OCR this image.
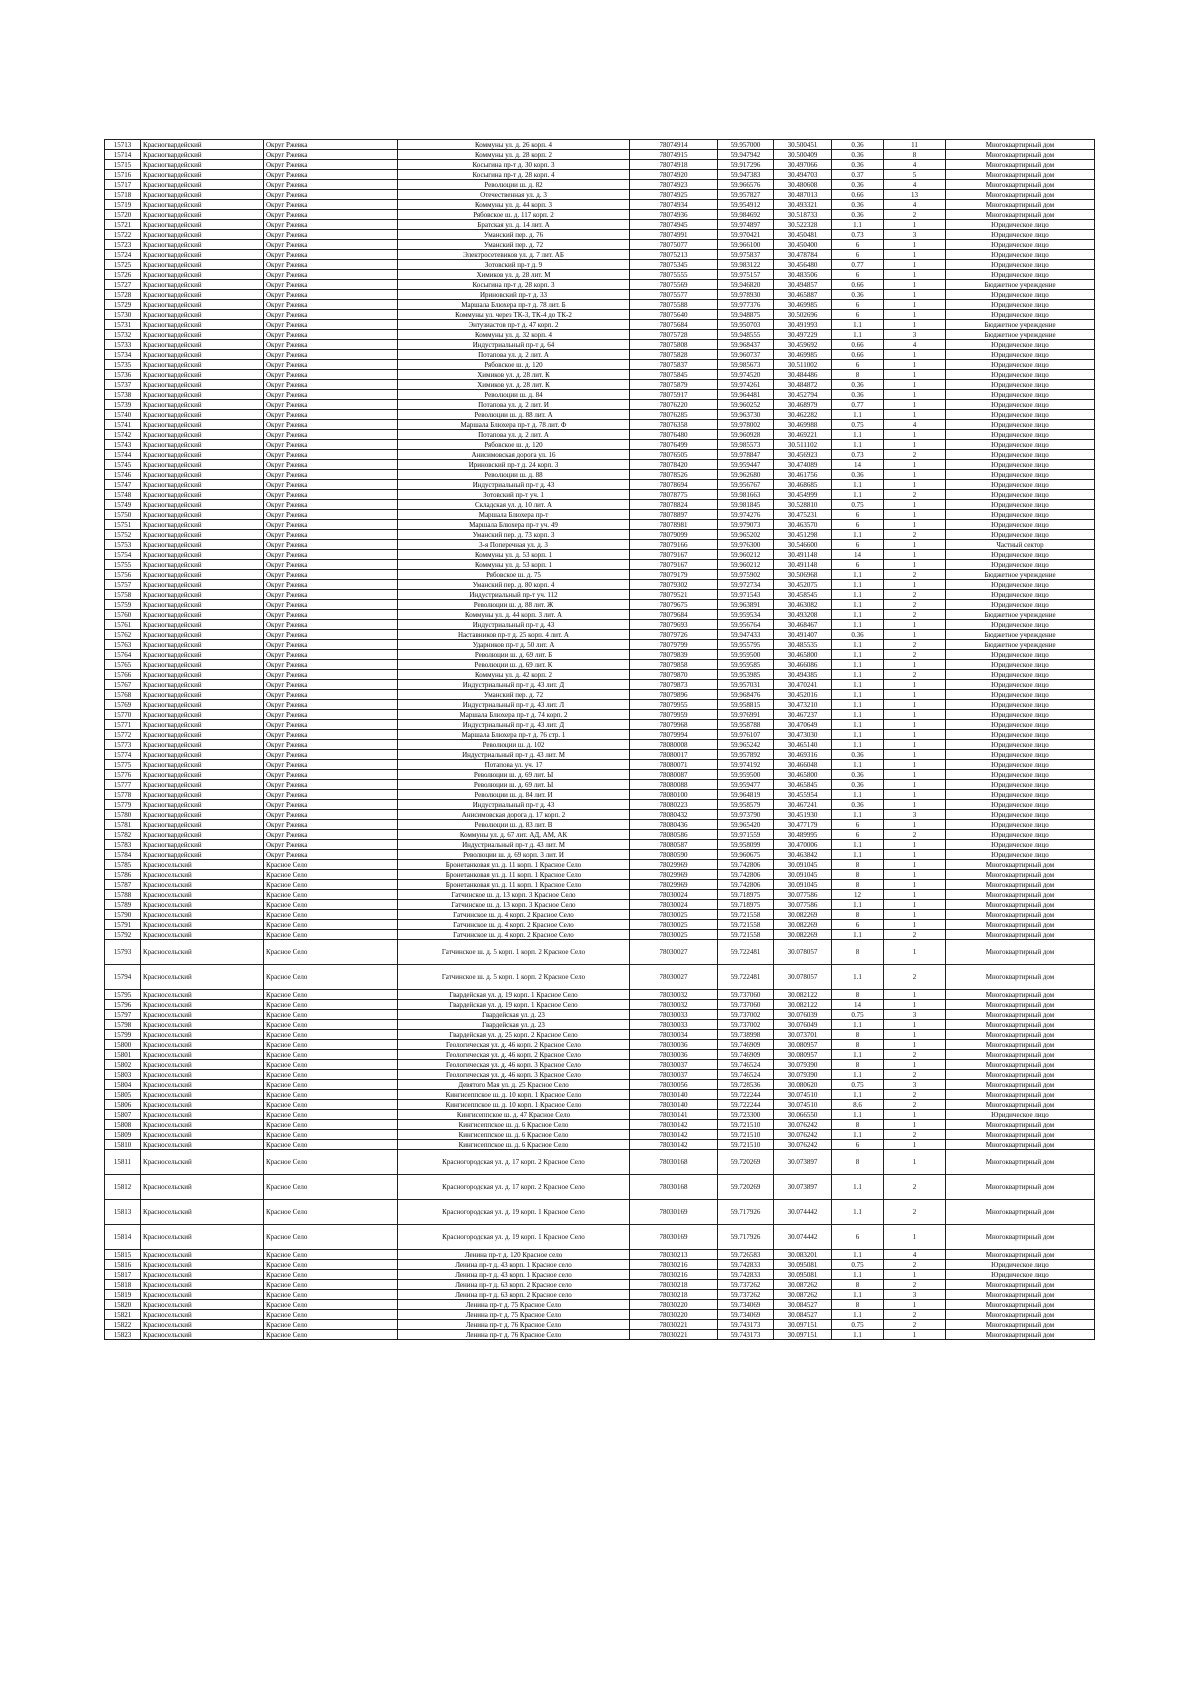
15713	Красногвардейский	Округ Ржевка	Коммуны ул. д. 26 корп. 4	78074914	59.957000	30.500451	0.36	11	Многоквартирный дом
15714	Красногвардейский	Округ Ржевка	Коммуны ул. д. 28 корп. 2	78074915	59.947942	30.500409	0.36	8	Многоквартирный дом
15715	Красногвардейский	Округ Ржевка	Косыгина пр-т д. 30 корп. 3	78074918	59.917296	30.497066	0.36	4	Многоквартирный дом
15716	Красногвардейский	Округ Ржевка	Косыгина пр-т д. 28 корп. 4	78074920	59.947383	30.494703	0.37	5	Многоквартирный дом
15717	Красногвардейский	Округ Ржевка	Революции ш. д. 82	78074923	59.966576	30.480608	0.36	4	Многоквартирный дом
15718	Красногвардейский	Округ Ржевка	Отечественная ул. д. 3	78074925	59.957827	30.487013	0.66	13	Многоквартирный дом
15719	Красногвардейский	Округ Ржевка	Коммуны ул. д. 44 корп. 3	78074934	59.954912	30.493321	0.36	4	Многоквартирный дом
15720	Красногвардейский	Округ Ржевка	Рябовское ш. д. 117 корп. 2	78074936	59.984692	30.518733	0.36	2	Многоквартирный дом
15721	Красногвардейский	Округ Ржевка	Братская ул. д. 14 лит. А	78074945	59.974897	30.522328	1.1	1	Юридическое лицо
15722	Красногвардейский	Округ Ржевка	Уманский пер. д. 76	78074991	59.970421	30.450481	0.73	3	Юридическое лицо
15723	Красногвардейский	Округ Ржевка	Уманский пер. д. 72	78075077	59.966100	30.450400	6	1	Юридическое лицо
15724	Красногвардейский	Округ Ржевка	Электросетевиков ул. д. 7 лит. АБ	78075213	59.975837	30.478784	6	1	Юридическое лицо
15725	Красногвардейский	Округ Ржевка	Зотовский пр-т д. 9	78075345	59.983122	30.456480	0.77	1	Юридическое лицо
15726	Красногвардейский	Округ Ржевка	Химиков ул. д. 28 лит. М	78075555	59.975157	30.483506	6	1	Юридическое лицо
15727	Красногвардейский	Округ Ржевка	Косыгина пр-т д. 28 корп. 3	78075569	59.946820	30.494857	0.66	1	Бюджетное учреждение
15728	Красногвардейский	Округ Ржевка	Ириновский пр-т д. 33	78075577	59.978930	30.465887	0.36	1	Юридическое лицо
15729	Красногвардейский	Округ Ржевка	Маршала Блюхера пр-т д. 78 лит. Б	78075588	59.977376	30.469985	6	1	Юридическое лицо
15730	Красногвардейский	Округ Ржевка	Коммуны ул. через ТК-3, ТК-4 до ТК-2	78075640	59.948875	30.502696	6	1	Юридическое лицо
15731	Красногвардейский	Округ Ржевка	Энтузиастов пр-т д. 47 корп. 2	78075684	59.950703	30.491993	1.1	1	Бюджетное учреждение
15732	Красногвардейский	Округ Ржевка	Коммуны ул. д. 32 корп. 4	78075728	59.948555	30.497229	1.1	3	Бюджетное учреждение
15733	Красногвардейский	Округ Ржевка	Индустриальный пр-т д. 64	78075808	59.968437	30.459692	0.66	4	Юридическое лицо
15734	Красногвардейский	Округ Ржевка	Потапова ул. д. 2 лит. А	78075828	59.960737	30.469985	0.66	1	Юридическое лицо
15735	Красногвардейский	Округ Ржевка	Рябовское ш. д. 120	78075837	59.985673	30.511002	6	1	Юридическое лицо
15736	Красногвардейский	Округ Ржевка	Химиков ул. д. 28 лит. К	78075845	59.974520	30.484486	8	1	Юридическое лицо
15737	Красногвардейский	Округ Ржевка	Химиков ул. д. 28 лит. К	78075879	59.974261	30.484872	0.36	1	Юридическое лицо
15738	Красногвардейский	Округ Ржевка	Революции ш. д. 84	78075917	59.964481	30.452794	0.36	1	Юридическое лицо
15739	Красногвардейский	Округ Ржевка	Потапова ул. д. 2 лит. И	78076220	59.960252	30.468979	0.77	1	Юридическое лицо
15740	Красногвардейский	Округ Ржевка	Революции ш. д. 88 лит. А	78076285	59.963730	30.462282	1.1	1	Юридическое лицо
15741	Красногвардейский	Округ Ржевка	Маршала Блюхера пр-т д. 78 лит. Ф	78076358	59.978002	30.469988	0.75	4	Юридическое лицо
15742	Красногвардейский	Округ Ржевка	Потапова ул. д. 2 лит. А	78076480	59.960928	30.469221	1.1	1	Юридическое лицо
15743	Красногвардейский	Округ Ржевка	Рябовское ш. д. 120	78076499	59.985573	30.511102	1.1	1	Юридическое лицо
15744	Красногвардейский	Округ Ржевка	Анисимовская дорога ул. 16	78076505	59.978847	30.456923	0.73	2	Юридическое лицо
15745	Красногвардейский	Округ Ржевка	Ириновский пр-т д. 24 корп. 3	78078420	59.959447	30.474089	14	1	Юридическое лицо
15746	Красногвардейский	Округ Ржевка	Революции ш. д. 88	78078526	59.962680	30.461756	0.36	1	Юридическое лицо
15747	Красногвардейский	Округ Ржевка	Индустриальный пр-т д. 43	78078694	59.956767	30.468685	1.1	1	Юридическое лицо
15748	Красногвардейский	Округ Ржевка	Зотовский пр-т уч. 1	78078775	59.981663	30.454999	1.1	2	Юридическое лицо
15749	Красногвардейский	Округ Ржевка	Складская ул. д. 10 лит. А	78078824	59.981845	30.528810	0.75	1	Юридическое лицо
15750	Красногвардейский	Округ Ржевка	Маршала Блюхера пр-т	78078897	59.974276	30.475231	6	1	Юридическое лицо
15751	Красногвардейский	Округ Ржевка	Маршала Блюхера пр-т уч. 49	78078981	59.979073	30.463570	6	1	Юридическое лицо
15752	Красногвардейский	Округ Ржевка	Уманский пер. д. 73 корп. 3	78079099	59.965202	30.451298	1.1	2	Юридическое лицо
15753	Красногвардейский	Округ Ржевка	3-я Поперечная ул. д. 3	78079166	59.976300	30.546600	6	1	Частный сектор
15754	Красногвардейский	Округ Ржевка	Коммуны ул. д. 53 корп. 1	78079167	59.960212	30.491148	14	1	Юридическое лицо
15755	Красногвардейский	Округ Ржевка	Коммуны ул. д. 53 корп. 1	78079167	59.960212	30.491148	6	1	Юридическое лицо
15756	Красногвардейский	Округ Ржевка	Рябовское ш. д. 75	78079179	59.975902	30.506968	1.1	2	Бюджетное учреждение
15757	Красногвардейский	Округ Ржевка	Уманский пер. д. 80 корп. 4	78079302	59.972734	30.452075	1.1	1	Юридическое лицо
15758	Красногвардейский	Округ Ржевка	Индустриальный пр-т уч. 112	78079521	59.971543	30.458545	1.1	2	Юридическое лицо
15759	Красногвардейский	Округ Ржевка	Революции ш. д. 88 лит. Ж	78079675	59.963891	30.463082	1.1	2	Юридическое лицо
15760	Красногвардейский	Округ Ржевка	Коммуны ул. д. 44 корп. 3 лит. А	78079684	59.959534	30.493208	1.1	2	Бюджетное учреждение
15761	Красногвардейский	Округ Ржевка	Индустриальный пр-т д. 43	78079693	59.956764	30.468467	1.1	1	Юридическое лицо
15762	Красногвардейский	Округ Ржевка	Наставников пр-т д. 25 корп. 4 лит. А	78079726	59.947433	30.491407	0.36	1	Бюджетное учреждение
15763	Красногвардейский	Округ Ржевка	Ударников пр-т д. 50 лит. А	78079799	59.955795	30.485535	1.1	2	Бюджетное учреждение
15764	Красногвардейский	Округ Ржевка	Революции ш. д. 69 лит. Б	78079839	59.959500	30.465800	1.1	2	Юридическое лицо
15765	Красногвардейский	Округ Ржевка	Революции ш. д. 69 лит. К	78079858	59.959585	30.466086	1.1	1	Юридическое лицо
15766	Красногвардейский	Округ Ржевка	Коммуны ул. д. 42 корп. 2	78079870	59.953985	30.494385	1.1	2	Юридическое лицо
15767	Красногвардейский	Округ Ржевка	Индустриальный пр-т д. 43 лит. Д	78079873	59.957031	30.470241	1.1	1	Юридическое лицо
15768	Красногвардейский	Округ Ржевка	Уманский пер. д. 72	78079896	59.968476	30.452016	1.1	1	Юридическое лицо
15769	Красногвардейский	Округ Ржевка	Индустриальный пр-т д. 43 лит. Л	78079955	59.958815	30.473210	1.1	1	Юридическое лицо
15770	Красногвардейский	Округ Ржевка	Маршала Блюхера пр-т д. 74 корп. 2	78079959	59.976991	30.467237	1.1	1	Юридическое лицо
15771	Красногвардейский	Округ Ржевка	Индустриальный пр-т д. 43 лит. Д	78079968	59.958788	30.470649	1.1	1	Юридическое лицо
15772	Красногвардейский	Округ Ржевка	Маршала Блюхера пр-т д. 76 стр. 1	78079994	59.976107	30.473030	1.1	1	Юридическое лицо
15773	Красногвардейский	Округ Ржевка	Революции ш. д. 102	78080008	59.965242	30.465140	1.1	1	Юридическое лицо
15774	Красногвардейский	Округ Ржевка	Индустриальный пр-т д. 43 лит. М	78080017	59.957892	30.469316	0.36	1	Юридическое лицо
15775	Красногвардейский	Округ Ржевка	Потапова ул. уч. 17	78080071	59.974192	30.466048	1.1	1	Юридическое лицо
15776	Красногвардейский	Округ Ржевка	Революции ш. д. 69 лит. Ы	78080087	59.959500	30.465800	0.36	1	Юридическое лицо
15777	Красногвардейский	Округ Ржевка	Революции ш. д. 69 лит. Ы	78080088	59.959477	30.465845	0.36	1	Юридическое лицо
15778	Красногвардейский	Округ Ржевка	Революции ш. д. 84 лит. И	78080100	59.964819	30.455954	1.1	1	Юридическое лицо
15779	Красногвардейский	Округ Ржевка	Индустриальный пр-т д. 43	78080223	59.958579	30.467241	0.36	1	Юридическое лицо
15780	Красногвардейский	Округ Ржевка	Анисимовская дорога д. 17 корп. 2	78080432	59.973790	30.451930	1.1	3	Юридическое лицо
15781	Красногвардейский	Округ Ржевка	Революции ш. д. 83 лит. В	78080436	59.965420	30.477179	6	1	Юридическое лицо
15782	Красногвардейский	Округ Ржевка	Коммуны ул. д. 67 лит. АД, АМ, АК	78080586	59.971559	30.489995	6	2	Юридическое лицо
15783	Красногвардейский	Округ Ржевка	Индустриальный пр-т д. 43 лит. М	78080587	59.958099	30.470006	1.1	1	Юридическое лицо
15784	Красногвардейский	Округ Ржевка	Революции ш. д. 69 корп. 3 лит. И	78080590	59.960675	30.463842	1.1	1	Юридическое лицо
15785	Красносельский	Красное Село	Бронетанковая ул. д. 11 корп. 1 Красное Село	78029969	59.742806	30.091045	8	1	Многоквартирный дом
15786	Красносельский	Красное Село	Бронетанковая ул. д. 11 корп. 1 Красное Село	78029969	59.742806	30.091045	8	1	Многоквартирный дом
15787	Красносельский	Красное Село	Бронетанковая ул. д. 11 корп. 1 Красное Село	78029969	59.742806	30.091045	8	1	Многоквартирный дом
15788	Красносельский	Красное Село	Гатчинское ш. д. 13 корп. 3 Красное Село	78030024	59.718975	30.077586	12	1	Многоквартирный дом
15789	Красносельский	Красное Село	Гатчинское ш. д. 13 корп. 3 Красное Село	78030024	59.718975	30.077586	1.1	1	Многоквартирный дом
15790	Красносельский	Красное Село	Гатчинское ш. д. 4 корп. 2 Красное Село	78030025	59.721558	30.082269	8	1	Многоквартирный дом
15791	Красносельский	Красное Село	Гатчинское ш. д. 4 корп. 2 Красное Село	78030025	59.721558	30.082269	6	1	Многоквартирный дом
15792	Красносельский	Красное Село	Гатчинское ш. д. 4 корп. 2 Красное Село	78030025	59.721558	30.082269	1.1	2	Многоквартирный дом
15793	Красносельский	Красное Село	Гатчинское ш. д. 5 корп. 1 корп. 2 Красное Село	78030027	59.722481	30.078057	8	1	Многоквартирный дом
15794	Красносельский	Красное Село	Гатчинское ш. д. 5 корп. 1 корп. 2 Красное Село	78030027	59.722481	30.078057	1.1	2	Многоквартирный дом
15795	Красносельский	Красное Село	Гвардейская ул. д. 19 корп. 1 Красное Село	78030032	59.737060	30.082122	8	1	Многоквартирный дом
15796	Красносельский	Красное Село	Гвардейская ул. д. 19 корп. 1 Красное Село	78030032	59.737060	30.082122	14	1	Многоквартирный дом
15797	Красносельский	Красное Село	Гвардейская ул. д. 23	78030033	59.737002	30.076039	0.75	3	Многоквартирный дом
15798	Красносельский	Красное Село	Гвардейская ул. д. 23	78030033	59.737002	30.076049	1.1	1	Многоквартирный дом
15799	Красносельский	Красное Село	Гвардейская ул. д. 25 корп. 2 Красное Село	78030034	59.738998	30.073701	8	1	Многоквартирный дом
15800	Красносельский	Красное Село	Геологическая ул. д. 46 корп. 2 Красное Село	78030036	59.746909	30.080957	8	1	Многоквартирный дом
15801	Красносельский	Красное Село	Геологическая ул. д. 46 корп. 2 Красное Село	78030036	59.746909	30.080957	1.1	2	Многоквартирный дом
15802	Красносельский	Красное Село	Геологическая ул. д. 46 корп. 3 Красное Село	78030037	59.746524	30.079390	8	1	Многоквартирный дом
15803	Красносельский	Красное Село	Геологическая ул. д. 46 корп. 3 Красное Село	78030037	59.746524	30.079390	1.1	2	Многоквартирный дом
15804	Красносельский	Красное Село	Девятого Мая ул. д. 25 Красное Село	78030056	59.728536	30.080620	0.75	3	Многоквартирный дом
15805	Красносельский	Красное Село	Кингисеппское ш. д. 10 корп. 1 Красное Село	78030140	59.722244	30.074510	1.1	2	Многоквартирный дом
15806	Красносельский	Красное Село	Кингисеппское ш. д. 10 корп. 1 Красное Село	78030140	59.722244	30.074510	8.6	2	Многоквартирный дом
15807	Красносельский	Красное Село	Кингисеппское ш. д. 47 Красное Село	78030141	59.723300	30.066550	1.1	1	Юридическое лицо
15808	Красносельский	Красное Село	Кингисеппское ш. д. 6 Красное Село	78030142	59.721510	30.076242	8	1	Многоквартирный дом
15809	Красносельский	Красное Село	Кингисеппское ш. д. 6 Красное Село	78030142	59.721510	30.076242	1.1	2	Многоквартирный дом
15810	Красносельский	Красное Село	Кингисеппское ш. д. 6 Красное Село	78030142	59.721510	30.076242	6	1	Многоквартирный дом
15811	Красносельский	Красное Село	Красногородская ул. д. 17 корп. 2 Красное Село	78030168	59.720269	30.073897	8	1	Многоквартирный дом
15812	Красносельский	Красное Село	Красногородская ул. д. 17 корп. 2 Красное Село	78030168	59.720269	30.073897	1.1	2	Многоквартирный дом
15813	Красносельский	Красное Село	Красногородская ул. д. 19 корп. 1 Красное Село	78030169	59.717926	30.074442	1.1	2	Многоквартирный дом
15814	Красносельский	Красное Село	Красногородская ул. д. 19 корп. 1 Красное Село	78030169	59.717926	30.074442	6	1	Многоквартирный дом
15815	Красносельский	Красное Село	Ленина пр-т д. 120 Красное село	78030213	59.726583	30.083201	1.1	4	Многоквартирный дом
15816	Красносельский	Красное Село	Ленина пр-т д. 43 корп. 1 Красное село	78030216	59.742833	30.095081	0.75	2	Юридическое лицо
15817	Красносельский	Красное Село	Ленина пр-т д. 43 корп. 1 Красное село	78030216	59.742833	30.095081	1.1	1	Юридическое лицо
15818	Красносельский	Красное Село	Ленина пр-т д. 63 корп. 2 Красное село	78030218	59.737262	30.087262	8	2	Многоквартирный дом
15819	Красносельский	Красное Село	Ленина пр-т д. 63 корп. 2 Красное село	78030218	59.737262	30.087262	1.1	3	Многоквартирный дом
15820	Красносельский	Красное Село	Ленина пр-т д. 75 Красное Село	78030220	59.734069	30.084527	8	1	Многоквартирный дом
15821	Красносельский	Красное Село	Ленина пр-т д. 75 Красное Село	78030220	59.734069	30.084527	1.1	2	Многоквартирный дом
15822	Красносельский	Красное Село	Ленина пр-т д. 76 Красное Село	78030221	59.743173	30.097151	0.75	2	Многоквартирный дом
15823	Красносельский	Красное Село	Ленина пр-т д. 76 Красное Село	78030221	59.743173	30.097151	1.1	1	Многоквартирный дом
